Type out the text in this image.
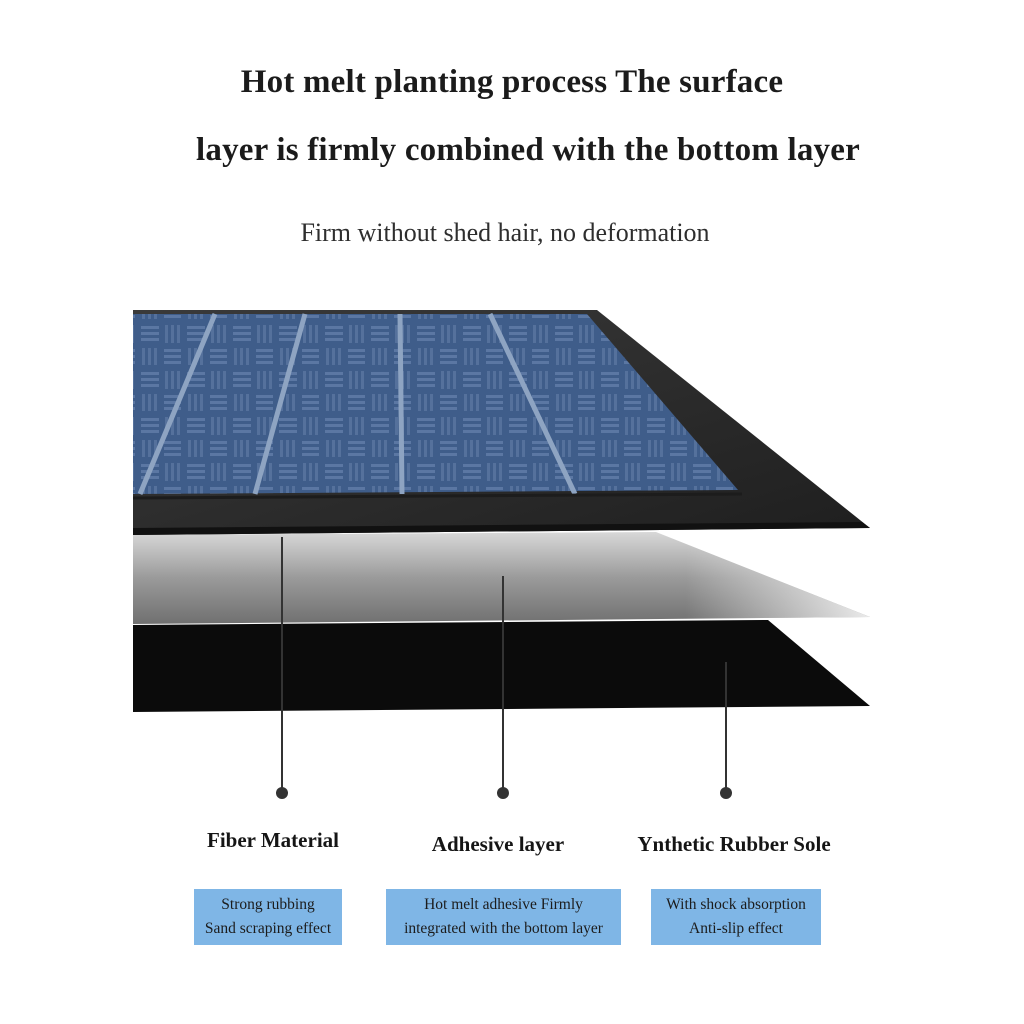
Hot melt planting process The surface
layer is firmly combined with the bottom layer
Firm without shed hair, no deformation
Fiber Material	Adhesive layer	Ynthetic Rubber Sole
Strong rubbing
Sand scraping effect
Hot melt adhesive Firmly
integrated with the bottom layer
With shock absorption
Anti-slip effect
